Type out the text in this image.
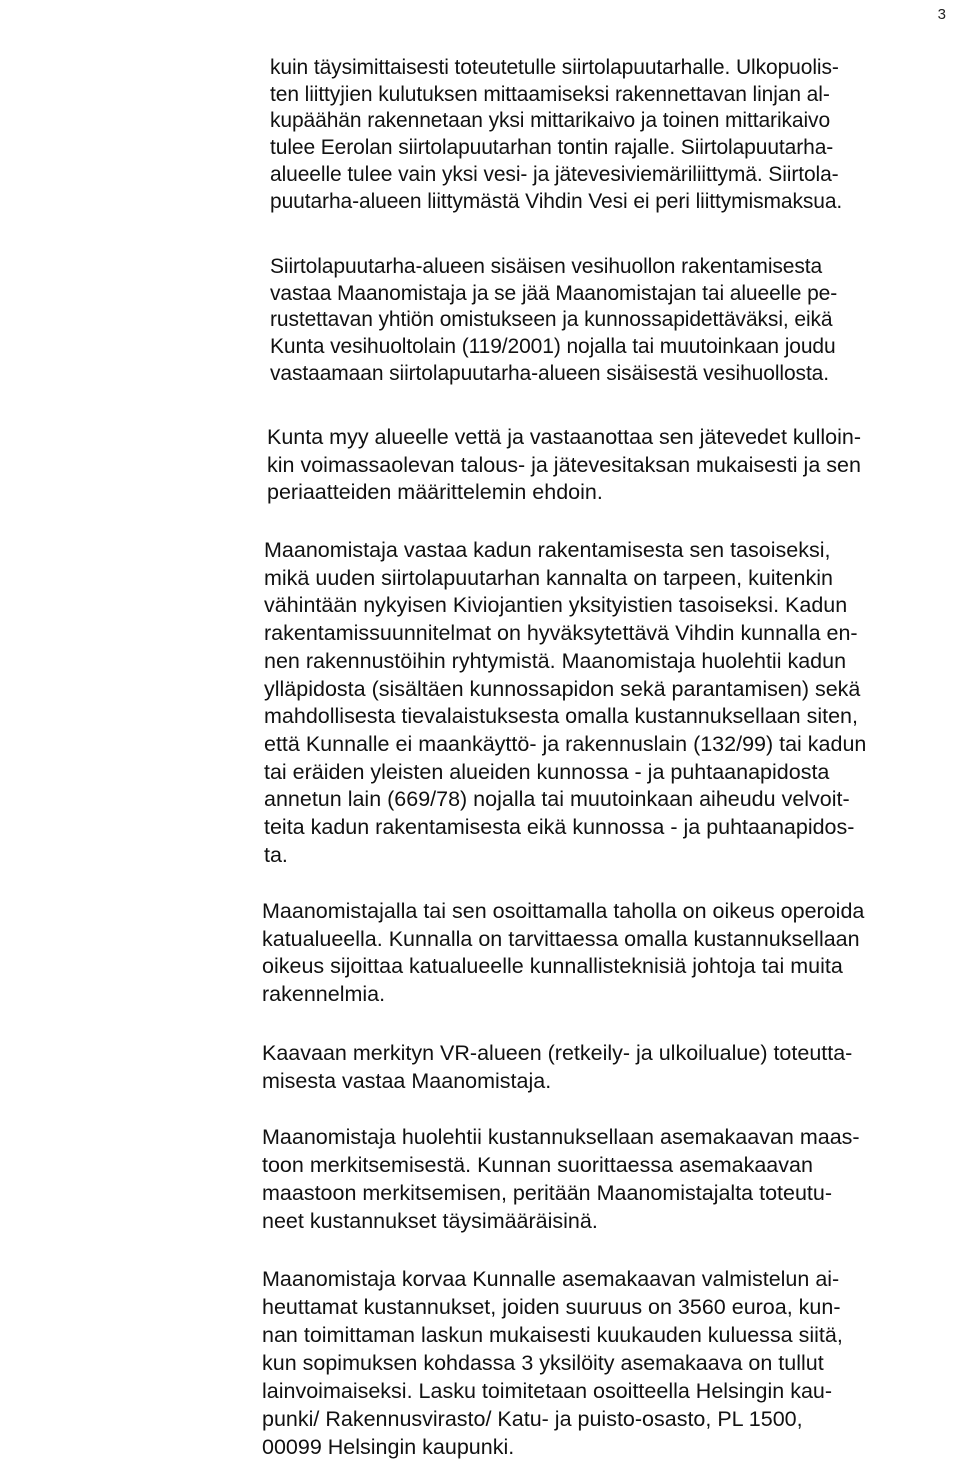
3

kuin täysimittaisesti toteutetulle siirtolapuutarhalle. Ulkopuolis-
ten liittyjien kulutuksen mittaamiseksi rakennettavan linjan al-
kupäähän rakennetaan yksi mittarikaivo ja toinen mittarikaivo
tulee Eerolan siirtolapuutarhan tontin rajalle. Siirtolapuutarha-
alueelle tulee vain yksi vesi- ja jätevesiviemäriliittymä. Siirtola-
puutarha-alueen liittymästä Vihdin Vesi ei peri liittymismaksua.

Siirtolapuutarha-alueen sisäisen vesihuollon rakentamisesta
vastaa Maanomistaja ja se jää Maanomistajan tai alueelle pe-
rustettavan yhtiön omistukseen ja kunnossapidettäväksi, eikä
Kunta vesihuoltolain (119/2001) nojalla tai muutoinkaan joudu
vastaamaan siirtolapuutarha-alueen sisäisestä vesihuollosta.

Kunta myy alueelle vettä ja vastaanottaa sen jätevedet kulloin-
kin voimassaolevan talous- ja jätevesitaksan mukaisesti ja sen
periaatteiden määrittelemin ehdoin.

Maanomistaja vastaa kadun rakentamisesta sen tasoiseksi,
mikä uuden siirtolapuutarhan kannalta on tarpeen, kuitenkin
vähintään nykyisen Kiviojantien yksityistien tasoiseksi. Kadun
rakentamissuunnitelmat on hyväksytettävä Vihdin kunnalla en-
nen rakennustöihin ryhtymistä. Maanomistaja huolehtii kadun
ylläpidosta (sisältäen kunnossapidon sekä parantamisen) sekä
mahdollisesta tievalaistuksesta omalla kustannuksellaan siten,
että Kunnalle ei maankäyttö- ja rakennuslain (132/99) tai kadun
tai eräiden yleisten alueiden kunnossa - ja puhtaanapidosta
annetun lain (669/78) nojalla tai muutoinkaan aiheudu velvoit-
teita kadun rakentamisesta eikä kunnossa - ja puhtaanapidos-
ta.

Maanomistajalla tai sen osoittamalla taholla on oikeus operoida
katualueella. Kunnalla on tarvittaessa omalla kustannuksellaan
oikeus sijoittaa katualueelle kunnallisteknisiä johtoja tai muita
rakennelmia.

Kaavaan merkityn VR-alueen (retkeily- ja ulkoilualue) toteutta-
misesta vastaa Maanomistaja.

Maanomistaja huolehtii kustannuksellaan asemakaavan maas-
toon merkitsemisestä. Kunnan suorittaessa asemakaavan
maastoon merkitsemisen, peritään Maanomistajalta toteutu-
neet kustannukset täysimääräisinä.

Maanomistaja korvaa Kunnalle asemakaavan valmistelun ai-
heuttamat kustannukset, joiden suuruus on 3560 euroa, kun-
nan toimittaman laskun mukaisesti kuukauden kuluessa siitä,
kun sopimuksen kohdassa 3 yksilöity asemakaava on tullut
lainvoimaiseksi. Lasku toimitetaan osoitteella Helsingin kau-
punki/ Rakennusvirasto/ Katu- ja puisto-osasto, PL 1500,
00099 Helsingin kaupunki.
